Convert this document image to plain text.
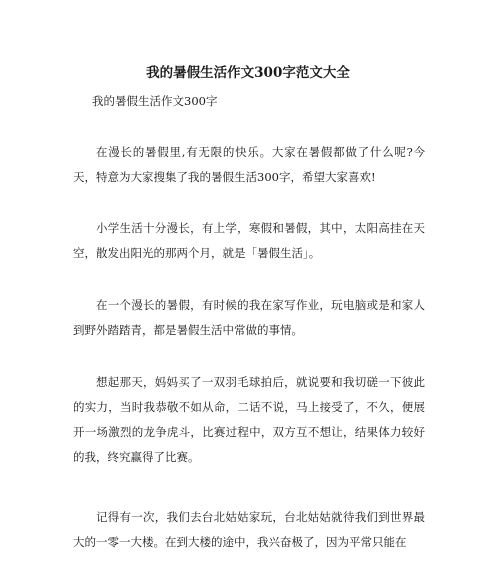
我的暑假生活作文300字范文大全
我的暑假生活作文300字

在漫长的暑假里,有无限的快乐。大家在暑假都做了什么呢?今天，特意为大家搜集了我的暑假生活300字，希望大家喜欢!

小学生活十分漫长，有上学，寒假和暑假，其中，太阳高挂在天空，散发出阳光的那两个月，就是「暑假生活」。

在一个漫长的暑假，有时候的我在家写作业，玩电脑或是和家人到野外踏踏青，都是暑假生活中常做的事情。

想起那天，妈妈买了一双羽毛球拍后，就说要和我切磋一下彼此的实力，当时我恭敬不如从命，二话不说，马上接受了，不久，便展开一场激烈的龙争虎斗，比赛过程中，双方互不想让，结果体力较好的我，终究赢得了比赛。

记得有一次，我们去台北姑姑家玩，台北姑姑就待我们到世界最大的一零一大楼。在到大楼的途中，我兴奋极了，因为平常只能在
